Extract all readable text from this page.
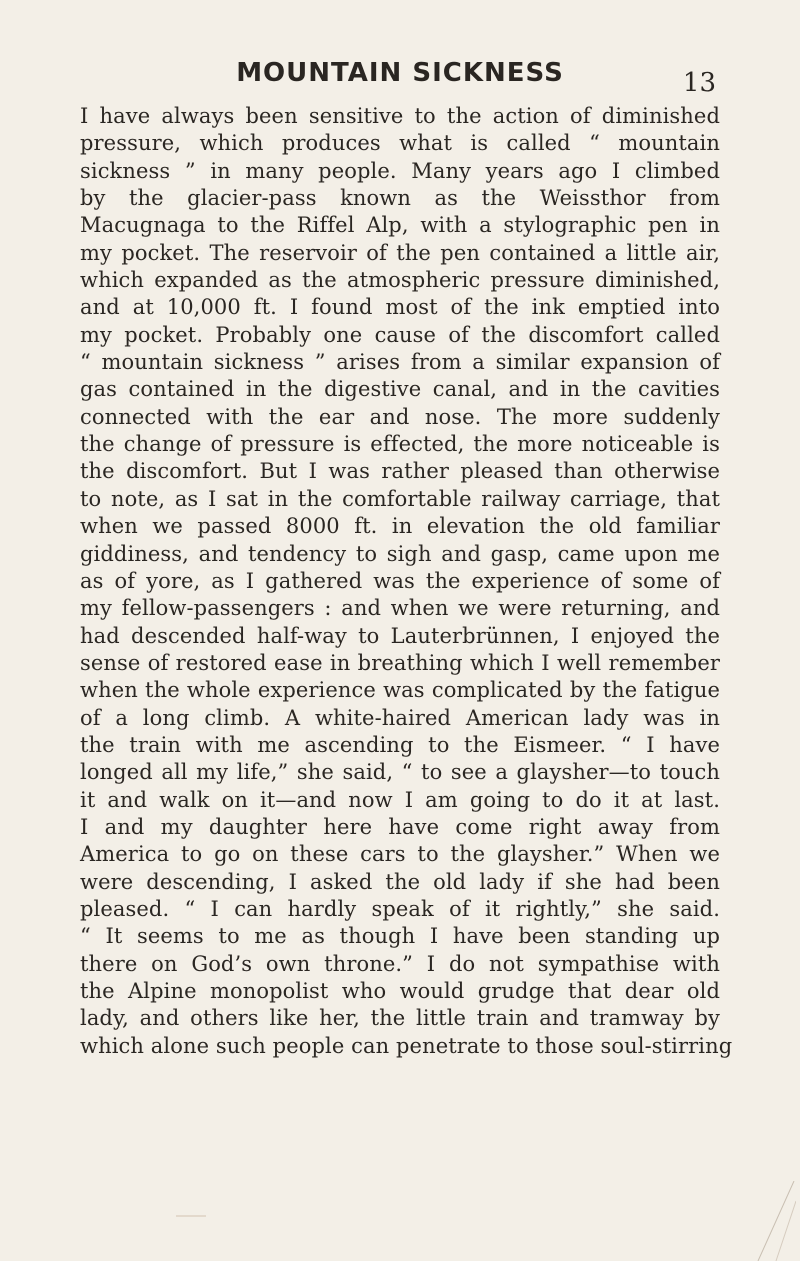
MOUNTAIN SICKNESS	13
I have always been sensitive to the action of diminished
pressure, which produces what is called “ mountain
sickness ” in many people. Many years ago I climbed
by the glacier-pass known as the Weissthor from
Macugnaga to the Riffel Alp, with a stylographic pen in
my pocket. The reservoir of the pen contained a little air,
which expanded as the atmospheric pressure diminished,
and at 10,000 ft. I found most of the ink emptied into
my pocket. Probably one cause of the discomfort called
“ mountain sickness ” arises from a similar expansion of
gas contained in the digestive canal, and in the cavities
connected with the ear and nose. The more suddenly
the change of pressure is effected, the more noticeable is
the discomfort. But I was rather pleased than otherwise
to note, as I sat in the comfortable railway carriage, that
when we passed 8000 ft. in elevation the old familiar
giddiness, and tendency to sigh and gasp, came upon me
as of yore, as I gathered was the experience of some of
my fellow-passengers : and when we were returning, and
had descended half-way to Lauterbrünnen, I enjoyed the
sense of restored ease in breathing which I well remember
when the whole experience was complicated by the fatigue
of a long climb. A white-haired American lady was in
the train with me ascending to the Eismeer. “ I have
longed all my life,” she said, “ to see a glaysher—to touch
it and walk on it—and now I am going to do it at last.
I and my daughter here have come right away from
America to go on these cars to the glaysher.” When we
were descending, I asked the old lady if she had been
pleased. “ I can hardly speak of it rightly,” she said.
“ It seems to me as though I have been standing up
there on God’s own throne.” I do not sympathise with
the Alpine monopolist who would grudge that dear old
lady, and others like her, the little train and tramway by
which alone such people can penetrate to those soul-stirring
